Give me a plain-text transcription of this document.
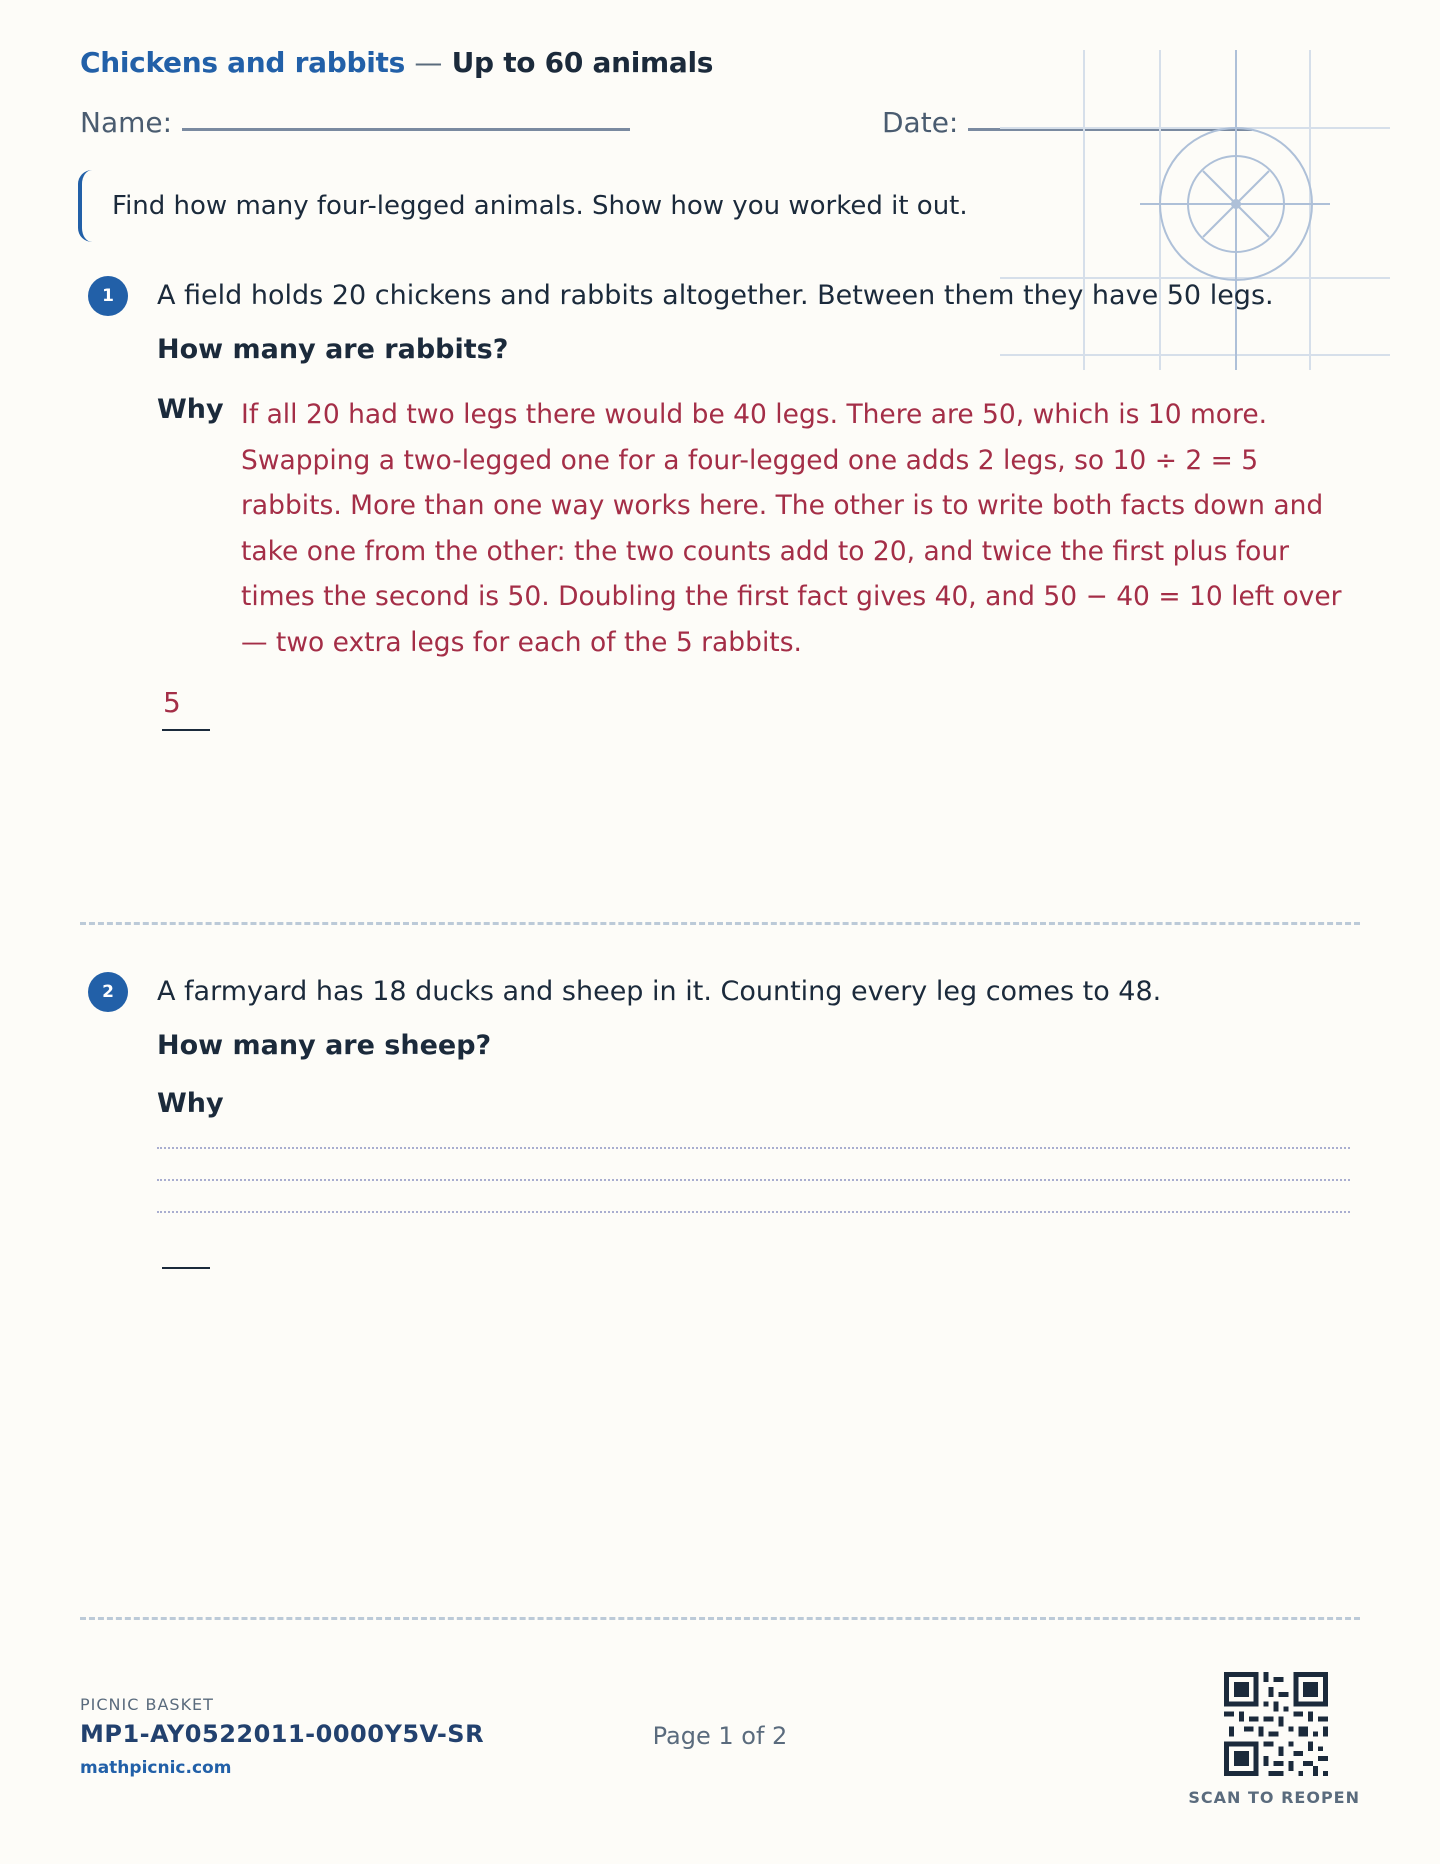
Chickens and rabbits — Up to 60 animals
Name:	Date:
Find how many four-legged animals. Show how you worked it out.
1	A field holds 20 chickens and rabbits altogether. Between them they have 50 legs.
How many are rabbits?
Why If all 20 had two legs there would be 40 legs. There are 50, which is 10 more. Swapping a two-legged one for a four-legged one adds 2 legs, so 10 ÷ 2 = 5 rabbits. More than one way works here. The other is to write both facts down and take one from the other: the two counts add to 20, and twice the first plus four times the second is 50. Doubling the first fact gives 40, and 50 − 40 = 10 left over — two extra legs for each of the 5 rabbits.
5
2	A farmyard has 18 ducks and sheep in it. Counting every leg comes to 48.
How many are sheep?
Why
PICNIC BASKET
MP1-AY0522011-0000Y5V-SR
mathpicnic.com
Page 1 of 2
SCAN TO REOPEN
